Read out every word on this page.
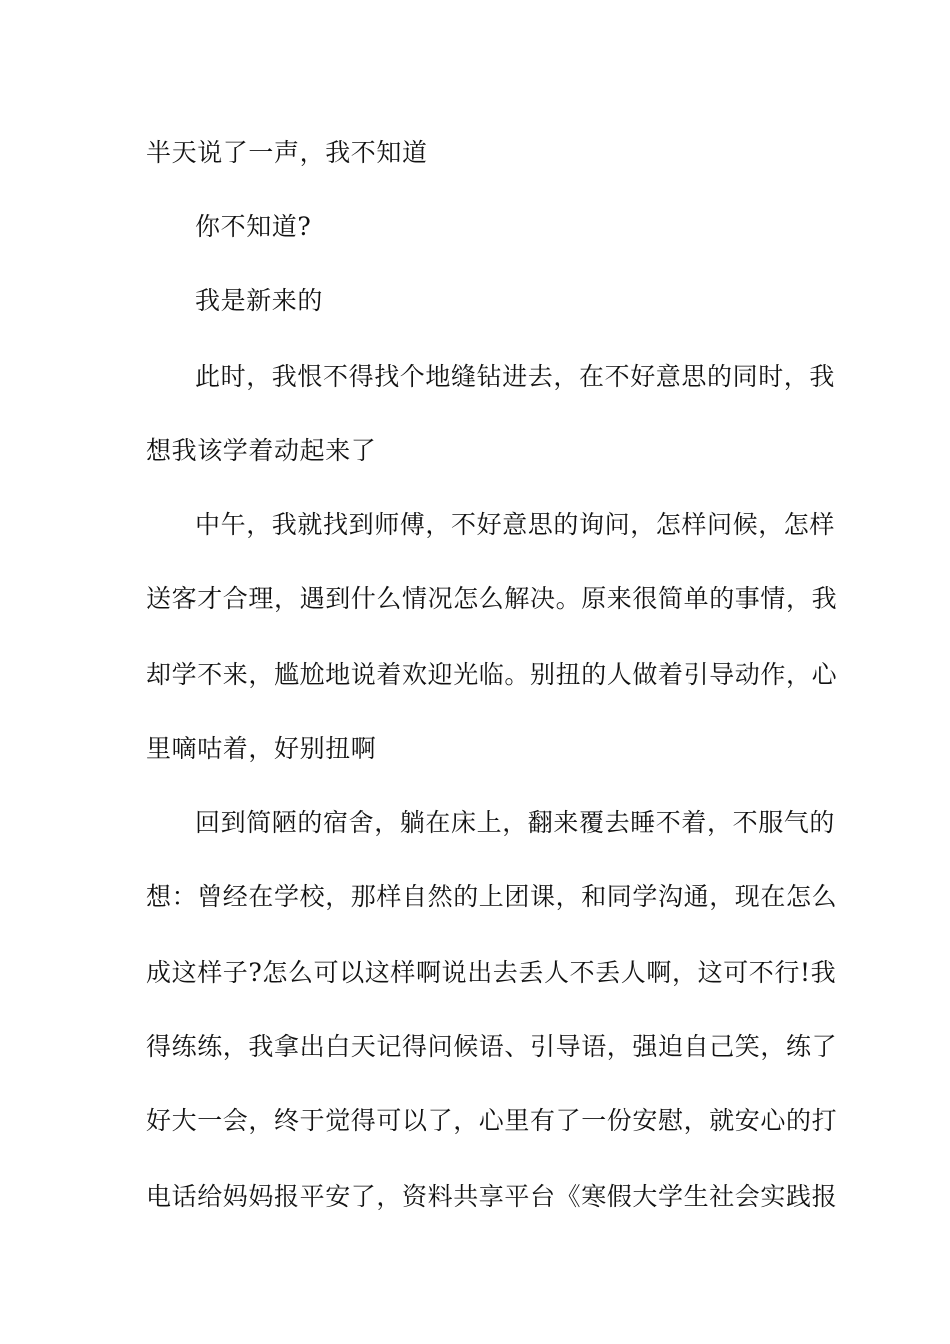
半天说了一声，我不知道
你不知道?
我是新来的
此时，我恨不得找个地缝钻进去，在不好意思的同时，我
想我该学着动起来了
中午，我就找到师傅，不好意思的询问，怎样问候，怎样
送客才合理，遇到什么情况怎么解决。原来很简单的事情，我
却学不来，尴尬地说着欢迎光临。别扭的人做着引导动作，心
里嘀咕着，好别扭啊
回到简陋的宿舍，躺在床上，翻来覆去睡不着，不服气的
想：曾经在学校，那样自然的上团课，和同学沟通，现在怎么
成这样子?怎么可以这样啊说出去丢人不丢人啊，这可不行!我
得练练，我拿出白天记得问候语、引导语，强迫自己笑，练了
好大一会，终于觉得可以了，心里有了一份安慰，就安心的打
电话给妈妈报平安了，资料共享平台《寒假大学生社会实践报
